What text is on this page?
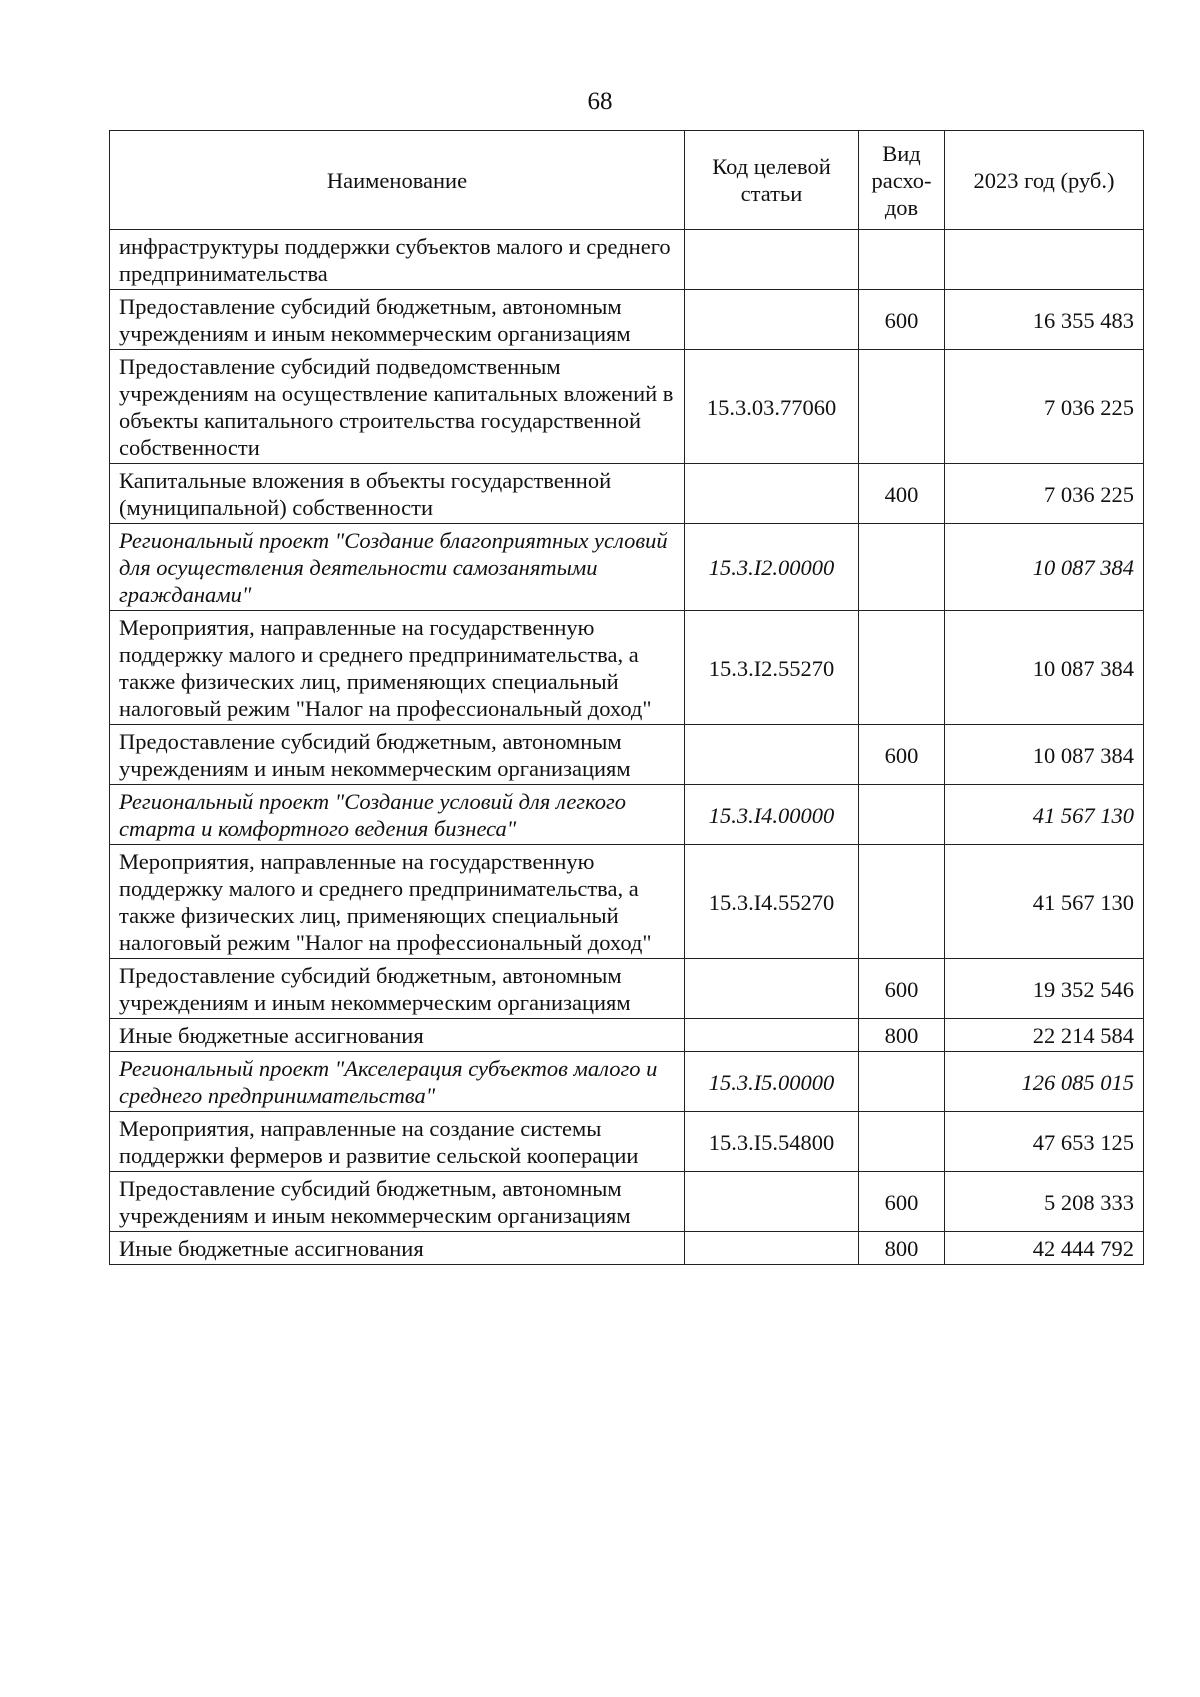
68
Наименование	Код целевой статьи	Вид расхо-дов	2023 год (руб.)
инфраструктуры поддержки субъектов малого и среднего предпринимательства			
Предоставление субсидий бюджетным, автономным учреждениям и иным некоммерческим организациям		600	16 355 483
Предоставление субсидий подведомственным учреждениям на осуществление капитальных вложений в объекты капитального строительства государственной собственности	15.3.03.77060		7 036 225
Капитальные вложения в объекты государственной (муниципальной) собственности		400	7 036 225
Региональный проект "Создание благоприятных условий для осуществления деятельности самозанятыми гражданами"	15.3.I2.00000		10 087 384
Мероприятия, направленные на государственную поддержку малого и среднего предпринимательства, а также физических лиц, применяющих специальный налоговый режим "Налог на профессиональный доход"	15.3.I2.55270		10 087 384
Предоставление субсидий бюджетным, автономным учреждениям и иным некоммерческим организациям		600	10 087 384
Региональный проект "Создание условий для легкого старта и комфортного ведения бизнеса"	15.3.I4.00000		41 567 130
Мероприятия, направленные на государственную поддержку малого и среднего предпринимательства, а также физических лиц, применяющих специальный налоговый режим "Налог на профессиональный доход"	15.3.I4.55270		41 567 130
Предоставление субсидий бюджетным, автономным учреждениям и иным некоммерческим организациям		600	19 352 546
Иные бюджетные ассигнования		800	22 214 584
Региональный проект "Акселерация субъектов малого и среднего предпринимательства"	15.3.I5.00000		126 085 015
Мероприятия, направленные на создание системы поддержки фермеров и развитие сельской кооперации	15.3.I5.54800		47 653 125
Предоставление субсидий бюджетным, автономным учреждениям и иным некоммерческим организациям		600	5 208 333
Иные бюджетные ассигнования		800	42 444 792
